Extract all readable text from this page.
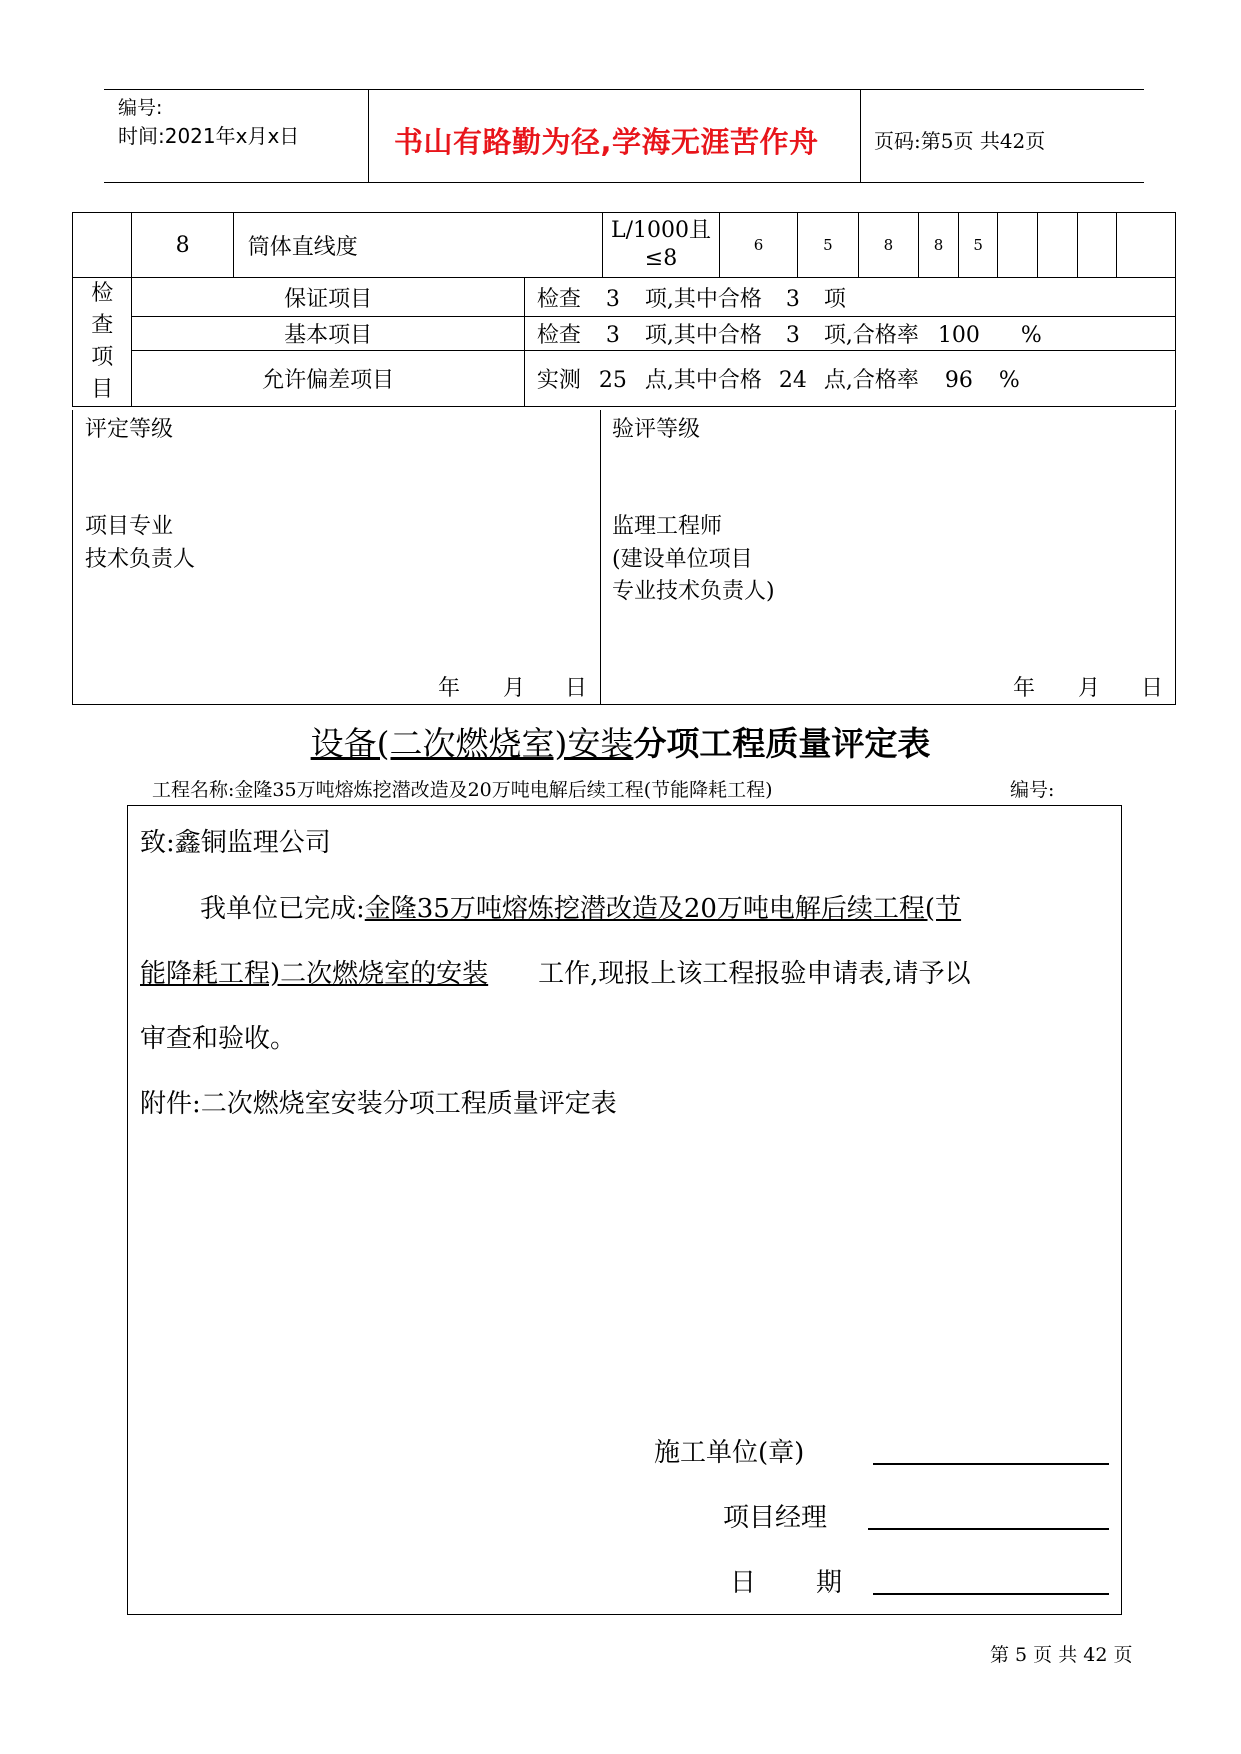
编号:
时间:2021年x月x日	书山有路勤为径,学海无涯苦作舟	页码:第5页 共42页
	8	筒体直线度		L/1000且
≤8	6	5	8	8	5				

检
查
项
目	保证项目		检查 3 项,其中合格 3 项										
	基本项目		检查 3 项,其中合格 3 项,合格率 100 %										
	允许偏差项目		实测 25 点,其中合格 24 点,合格率 96 %										
评定等级
项目专业
技术负责人
年 月 日
验评等级
监理工程师
(建设单位项目
专业技术负责人)
年 月 日
设备(二次燃烧室)安装分项工程质量评定表
工程名称:金隆35万吨熔炼挖潜改造及20万吨电解后续工程(节能降耗工程)	编号:
致:鑫铜监理公司
我单位已完成:金隆35万吨熔炼挖潜改造及20万吨电解后续工程(节
能降耗工程)二次燃烧室的安装 工作,现报上该工程报验申请表,请予以
审查和验收。
附件:二次燃烧室安装分项工程质量评定表
施工单位(章)
项目经理
日 期
第 5 页 共 42 页
